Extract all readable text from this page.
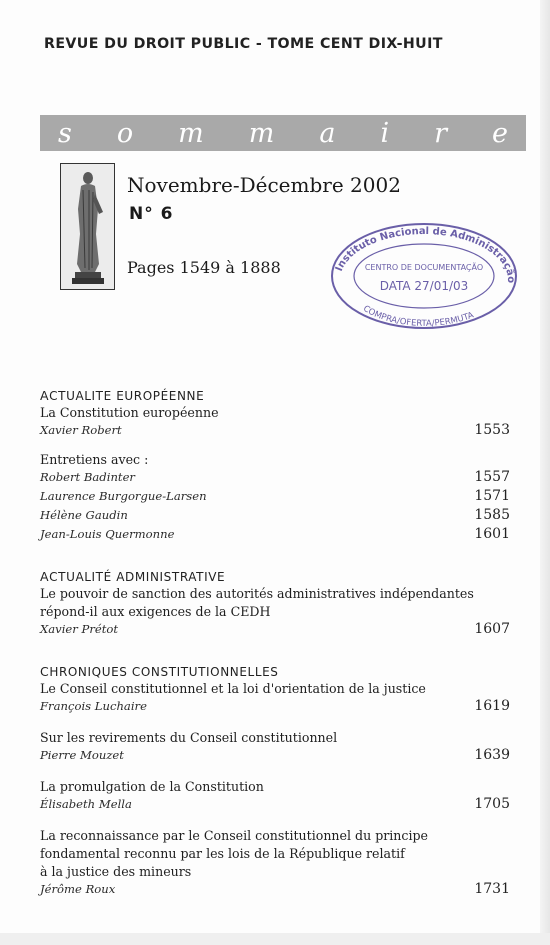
REVUE DU DROIT PUBLIC - TOME CENT DIX-HUIT
s o m m a i r e
Novembre-Décembre 2002
N° 6
Pages 1549 à 1888	Instituto Nacional de Administração
CENTRO DE DOCUMENTAÇÃO
DATA 27/01/03
COMPRA/OFERTA/PERMUTA
ACTUALITE EUROPÉENNE
La Constitution européenne
Xavier Robert	1553
Entretiens avec :
Robert Badinter	1557
Laurence Burgorgue-Larsen	1571
Hélène Gaudin	1585
Jean-Louis Quermonne	1601
ACTUALITÉ ADMINISTRATIVE
Le pouvoir de sanction des autorités administratives indépendantes
répond-il aux exigences de la CEDH
Xavier Prétot	1607
CHRONIQUES CONSTITUTIONNELLES
Le Conseil constitutionnel et la loi d'orientation de la justice
François Luchaire	1619
Sur les revirements du Conseil constitutionnel
Pierre Mouzet	1639
La promulgation de la Constitution
Élisabeth Mella	1705
La reconnaissance par le Conseil constitutionnel du principe
fondamental reconnu par les lois de la République relatif
à la justice des mineurs
Jérôme Roux	1731
